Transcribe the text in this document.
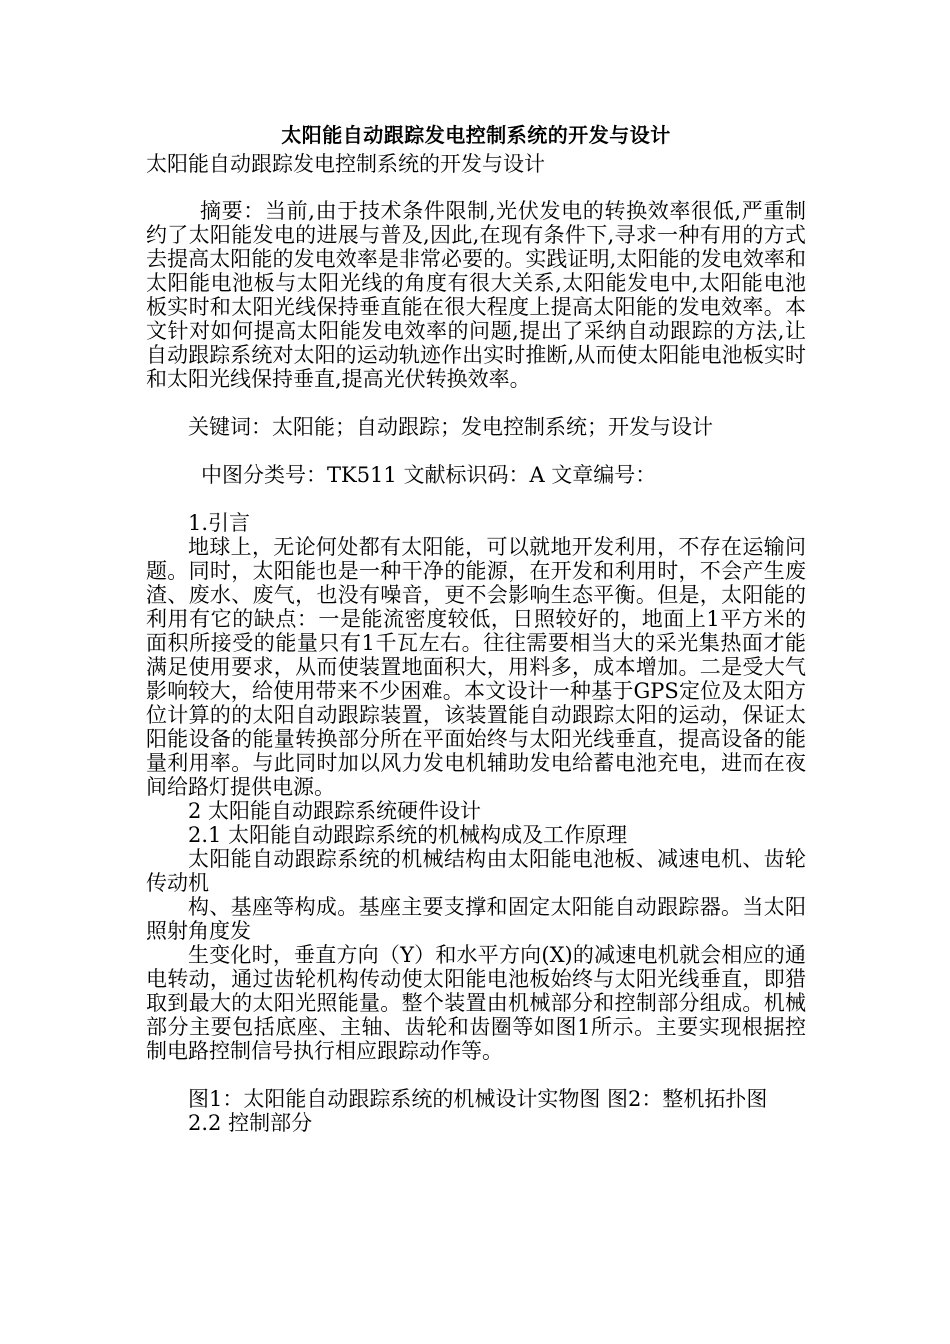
太阳能自动跟踪发电控制系统的开发与设计

太阳能自动跟踪发电控制系统的开发与设计

摘要：当前,由于技术条件限制,光伏发电的转换效率很低,严重制约了太阳能发电的进展与普及,因此,在现有条件下,寻求一种有用的方式去提高太阳能的发电效率是非常必要的。实践证明,太阳能的发电效率和太阳能电池板与太阳光线的角度有很大关系,太阳能发电中,太阳能电池板实时和太阳光线保持垂直能在很大程度上提高太阳能的发电效率。本文针对如何提高太阳能发电效率的问题,提出了采纳自动跟踪的方法,让自动跟踪系统对太阳的运动轨迹作出实时推断,从而使太阳能电池板实时和太阳光线保持垂直,提高光伏转换效率。

关键词：太阳能；自动跟踪；发电控制系统；开发与设计

中图分类号：TK511 文献标识码：A 文章编号：

1.引言

地球上，无论何处都有太阳能，可以就地开发利用，不存在运输问题。同时，太阳能也是一种干净的能源，在开发和利用时，不会产生废渣、废水、废气，也没有噪音，更不会影响生态平衡。但是，太阳能的利用有它的缺点：一是能流密度较低，日照较好的，地面上1平方米的面积所接受的能量只有1千瓦左右。往往需要相当大的采光集热面才能满足使用要求，从而使装置地面积大，用料多，成本增加。二是受大气影响较大，给使用带来不少困难。本文设计一种基于GPS定位及太阳方位计算的的太阳自动跟踪装置，该装置能自动跟踪太阳的运动，保证太阳能设备的能量转换部分所在平面始终与太阳光线垂直，提高设备的能量利用率。与此同时加以风力发电机辅助发电给蓄电池充电，进而在夜间给路灯提供电源。

2 太阳能自动跟踪系统硬件设计

2.1 太阳能自动跟踪系统的机械构成及工作原理

太阳能自动跟踪系统的机械结构由太阳能电池板、减速电机、齿轮传动机

构、基座等构成。基座主要支撑和固定太阳能自动跟踪器。当太阳照射角度发

生变化时，垂直方向（Y）和水平方向(X)的减速电机就会相应的通电转动，通过齿轮机构传动使太阳能电池板始终与太阳光线垂直，即猎取到最大的太阳光照能量。整个装置由机械部分和控制部分组成。机械部分主要包括底座、主轴、齿轮和齿圈等如图1所示。主要实现根据控制电路控制信号执行相应跟踪动作等。

图1：太阳能自动跟踪系统的机械设计实物图 图2：整机拓扑图

2.2 控制部分
